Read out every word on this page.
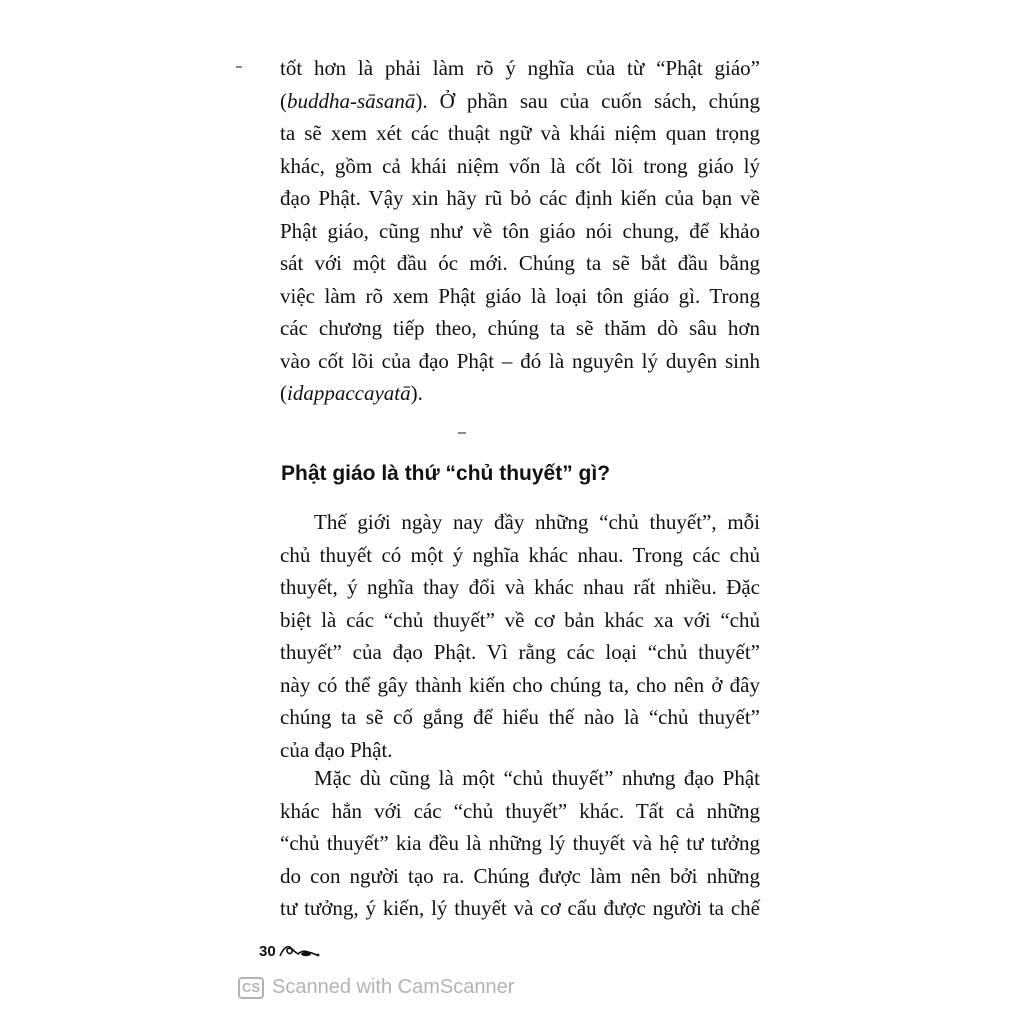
tốt hơn là phải làm rõ ý nghĩa của từ “Phật giáo”
(buddha-sāsanā). Ở phần sau của cuốn sách, chúng
ta sẽ xem xét các thuật ngữ và khái niệm quan trọng
khác, gồm cả khái niệm vốn là cốt lõi trong giáo lý
đạo Phật. Vậy xin hãy rũ bỏ các định kiến của bạn về
Phật giáo, cũng như về tôn giáo nói chung, để khảo
sát với một đầu óc mới. Chúng ta sẽ bắt đầu bằng
việc làm rõ xem Phật giáo là loại tôn giáo gì. Trong
các chương tiếp theo, chúng ta sẽ thăm dò sâu hơn
vào cốt lõi của đạo Phật – đó là nguyên lý duyên sinh
(idappaccayatā).
Phật giáo là thứ “chủ thuyết” gì?
Thế giới ngày nay đầy những “chủ thuyết”, mỗi
chủ thuyết có một ý nghĩa khác nhau. Trong các chủ
thuyết, ý nghĩa thay đổi và khác nhau rất nhiều. Đặc
biệt là các “chủ thuyết” về cơ bản khác xa với “chủ
thuyết” của đạo Phật. Vì rằng các loại “chủ thuyết”
này có thể gây thành kiến cho chúng ta, cho nên ở đây
chúng ta sẽ cố gắng để hiểu thế nào là “chủ thuyết”
của đạo Phật.
Mặc dù cũng là một “chủ thuyết” nhưng đạo Phật
khác hẳn với các “chủ thuyết” khác. Tất cả những
“chủ thuyết” kia đều là những lý thuyết và hệ tư tưởng
do con người tạo ra. Chúng được làm nên bởi những
tư tưởng, ý kiến, lý thuyết và cơ cấu được người ta chế
30
CS Scanned with CamScanner
